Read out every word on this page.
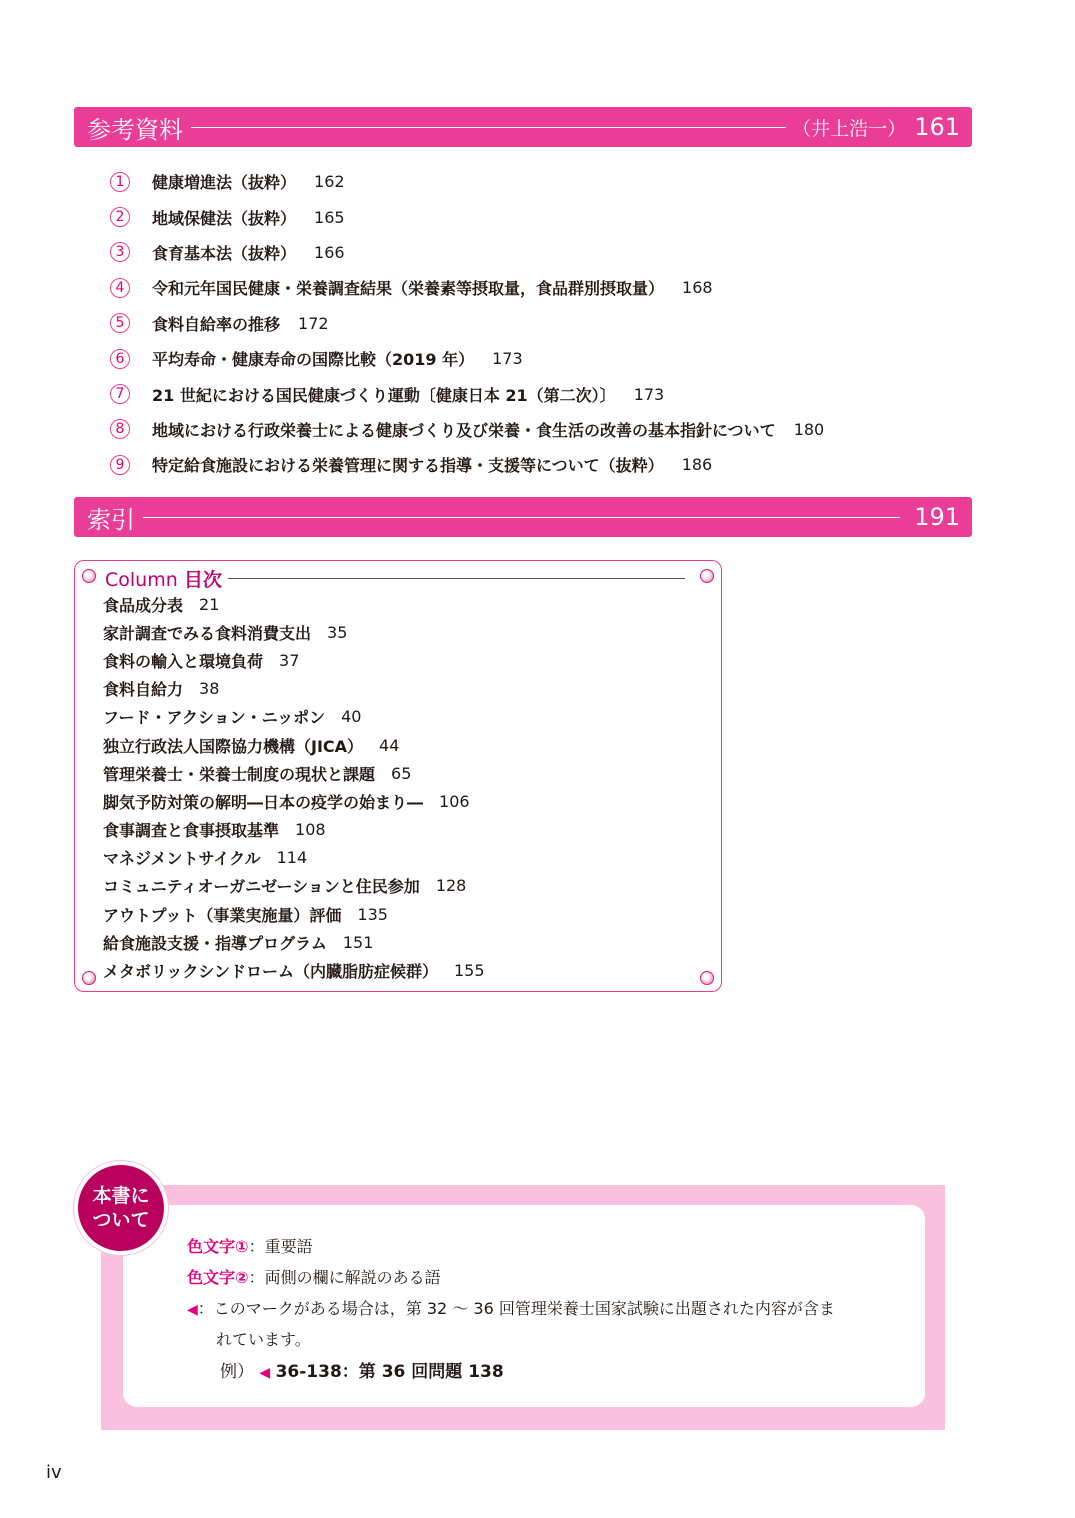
参考資料	（井上浩一） 161
1	健康増進法（抜粋） 162
2	地域保健法（抜粋） 165
3	食育基本法（抜粋） 166
4	令和元年国民健康・栄養調査結果（栄養素等摂取量，食品群別摂取量） 168
5	食料自給率の推移 172
6	平均寿命・健康寿命の国際比較（2019 年） 173
7	21 世紀における国民健康づくり運動〔健康日本 21（第二次）〕 173
8	地域における行政栄養士による健康づくり及び栄養・食生活の改善の基本指針について 180
9	特定給食施設における栄養管理に関する指導・支援等について（抜粋） 186
索引	191
Column 目次
食品成分表 21
家計調査でみる食料消費支出 35
食料の輸入と環境負荷 37
食料自給力 38
フード・アクション・ニッポン 40
独立行政法人国際協力機構（JICA） 44
管理栄養士・栄養士制度の現状と課題 65
脚気予防対策の解明―日本の疫学の始まり― 106
食事調査と食事摂取基準 108
マネジメントサイクル 114
コミュニティオーガニゼーションと住民参加 128
アウトプット（事業実施量）評価 135
給食施設支援・指導プログラム 151
メタボリックシンドローム（内臓脂肪症候群） 155
本書に
ついて
色文字①：重要語
色文字②：両側の欄に解説のある語
◀：このマークがある場合は，第 32 ～ 36 回管理栄養士国家試験に出題された内容が含ま
れています。
例） ◀ 36-138：第 36 回問題 138
iv
